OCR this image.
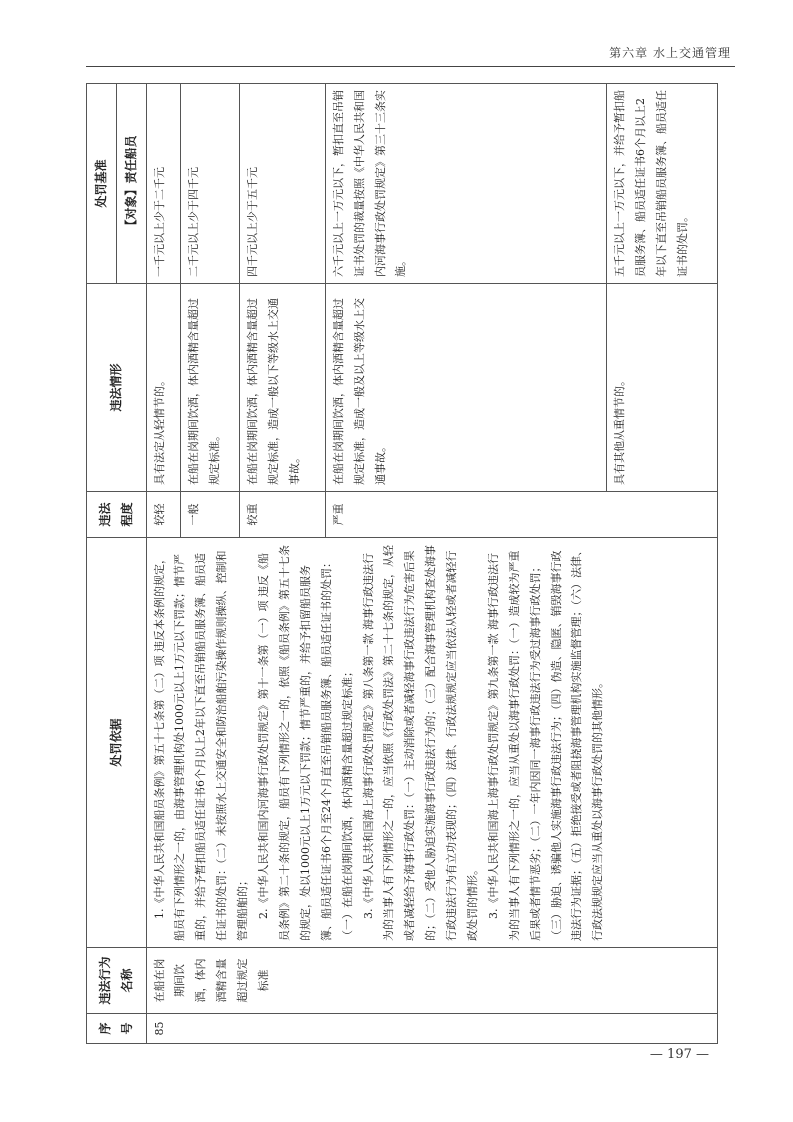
第六章 水上交通管理
序号	违法行为名称	处罚依据	违法程度	违法情形	处罚基准
					【对象】责任船员
85	在船在岗期间饮酒，体内酒精含量超过规定标准	1.《中华人民共和国船员条例》第五十七条第（二）项 违反本条例的规定，船员有下列情形之一的，由海事管理机构处1000元以上1万元以下罚款；情节严重的，并给予暂扣船员适任证书6个月以上2年以下直至吊销船员服务簿、船员适任证书的处罚：（二）未按照水上交通安全和防治船舶污染操作规则操纵、控制和管理船舶的； 2.《中华人民共和国内河海事行政处罚规定》第十一条第（一）项 违反《船员条例》第二十条的规定，船员有下列情形之一的，依照《船员条例》第五十七条的规定，处以1000元以上1万元以下罚款；情节严重的，并给予扣留船员服务簿、船员适任证书6个月至24个月直至吊销船员服务簿、船员适任证书的处罚：（一）在船在岗期间饮酒，体内酒精含量超过规定标准； 3.《中华人民共和国海上海事行政处罚规定》第八条第一款 海事行政违法行为的当事人有下列情形之一的，应当依照《行政处罚法》第二十七条的规定，从轻或者减轻给予海事行政处罚：（一）主动消除或者减轻海事行政违法行为危害后果的；（二）受他人胁迫实施海事行政违法行为的；（三）配合海事管理机构查处海事行政违法行为有立功表现的；（四）法律、行政法规规定应当依法从轻或者减轻行政处罚的情形。 3.《中华人民共和国海上海事行政处罚规定》第九条第一款 海事行政违法行为的当事人有下列情形之一的，应当从重处以海事行政处罚：（一）造成较为严重后果或者情节恶劣；（二）一年内因同一海事行政违法行为受过海事行政处罚；（三）胁迫、诱骗他人实施海事行政违法行为；（四）伪造、隐匿、销毁海事行政违法行为证据；（五）拒绝接受或者阻挠海事管理机构实施监督管理；（六）法律、行政法规规定应当从重处以海事行政处罚的其他情形。	较轻	具有法定从轻情节的。	一千元以上少于二千元
			一般	在船在岗期间饮酒，体内酒精含量超过规定标准。	二千元以上少于四千元
			较重	在船在岗期间饮酒，体内酒精含量超过规定标准，造成一般以下等级水上交通事故。	四千元以上少于五千元
			严重	在船在岗期间饮酒，体内酒精含量超过规定标准，造成一般及以上等级水上交通事故。	六千元以上一万元以下，暂扣直至吊销证书处罚的裁量按照《中华人民共和国内河海事行政处罚规定》第三十三条实施。
				具有其他从重情节的。	五千元以上一万元以下，并给予暂扣船员服务簿、船员适任证书6个月以上2年以下直至吊销船员服务簿、船员适任证书的处罚。
— 197 —
